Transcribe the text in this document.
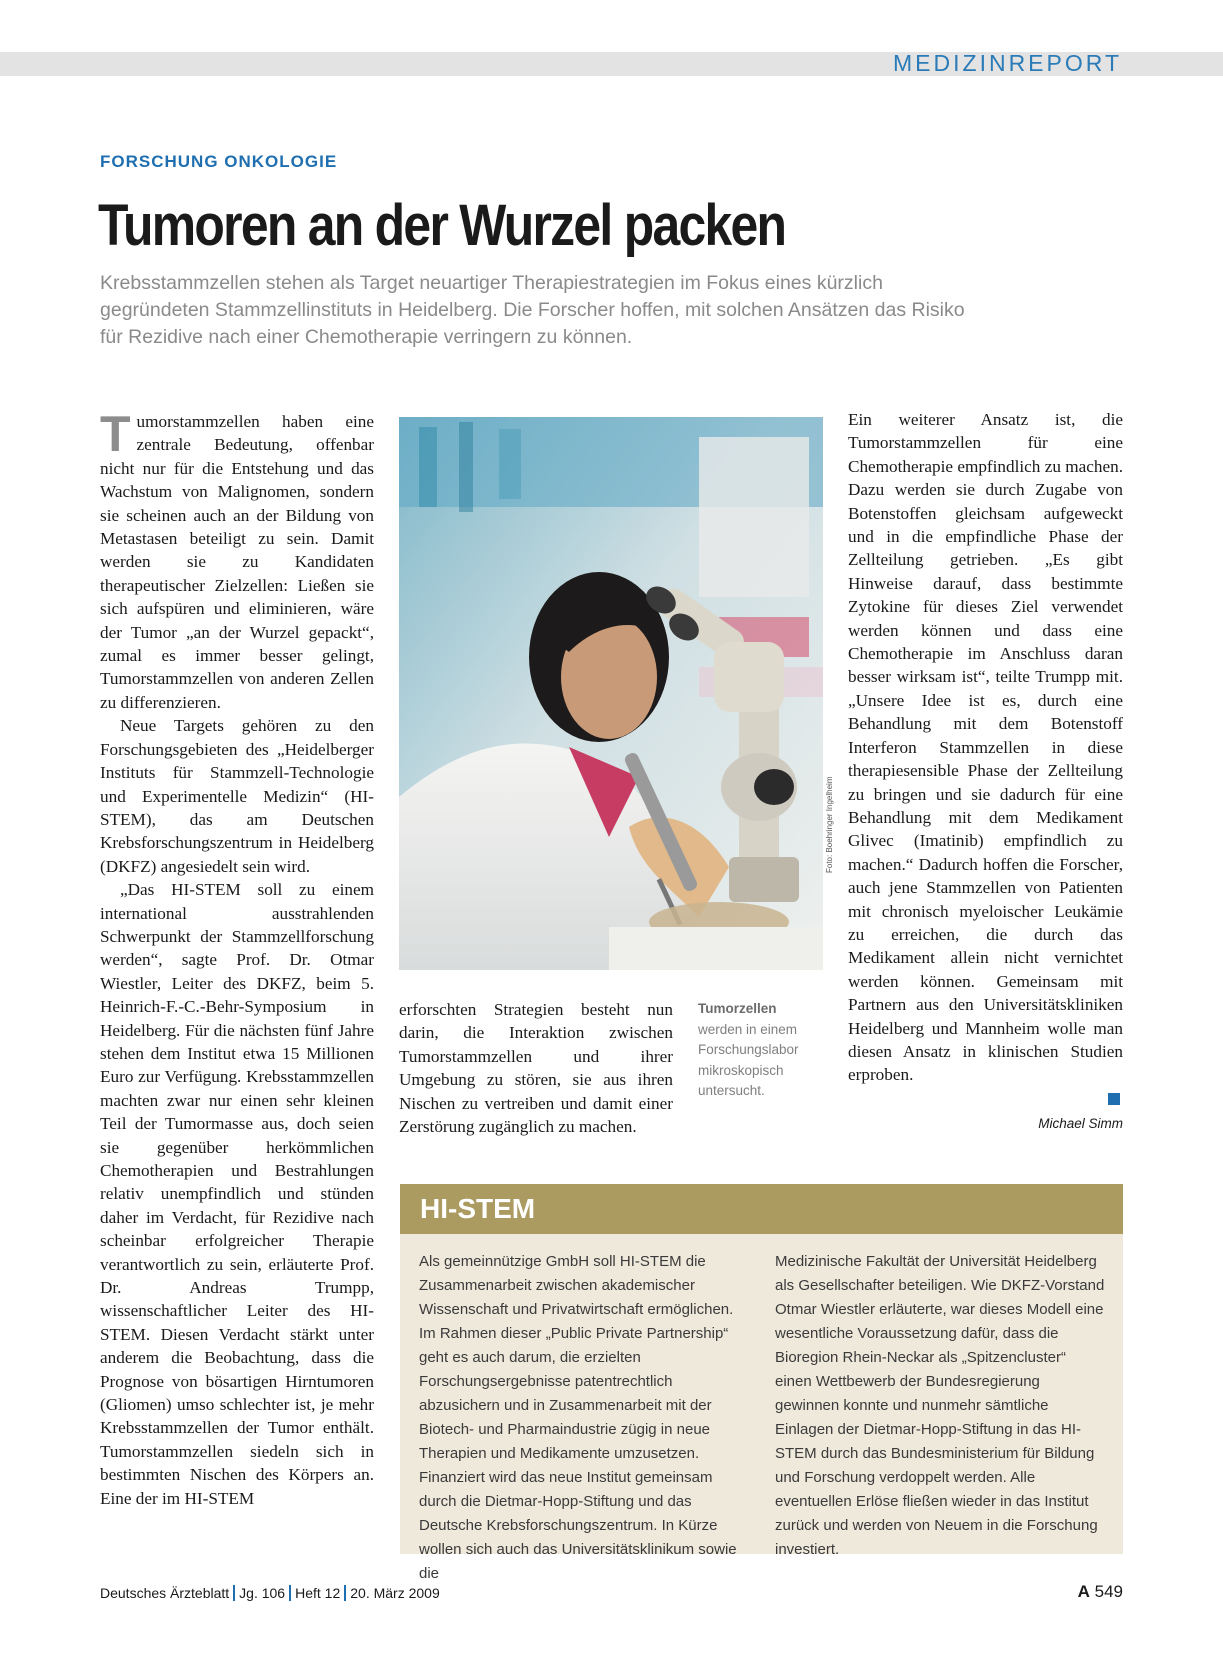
MEDIZINREPORT
FORSCHUNG ONKOLOGIE
Tumoren an der Wurzel packen

Krebsstammzellen stehen als Target neuartiger Therapiestrategien im Fokus eines kürzlich gegründeten Stammzellinstituts in Heidelberg. Die Forscher hoffen, mit solchen Ansätzen das Risiko für Rezidive nach einer Chemotherapie verringern zu können.

Tumorstammzellen haben eine zentrale Bedeutung, offenbar nicht nur für die Entstehung und das Wachstum von Malignomen, sondern sie scheinen auch an der Bildung von Metastasen beteiligt zu sein. Damit werden sie zu Kandidaten therapeutischer Zielzellen: Ließen sie sich aufspüren und eliminieren, wäre der Tumor „an der Wurzel gepackt“, zumal es immer besser gelingt, Tumorstammzellen von anderen Zellen zu differenzieren.

Neue Targets gehören zu den Forschungsgebieten des „Heidelberger Instituts für Stammzell-Technologie und Experimentelle Medizin“ (HI-STEM), das am Deutschen Krebsforschungszentrum in Heidelberg (DKFZ) angesiedelt sein wird.

„Das HI-STEM soll zu einem international ausstrahlenden Schwerpunkt der Stammzellforschung werden“, sagte Prof. Dr. Otmar Wiestler, Leiter des DKFZ, beim 5. Heinrich-F.-C.-Behr-Symposium in Heidelberg. Für die nächsten fünf Jahre stehen dem Institut etwa 15 Millionen Euro zur Verfügung. Krebsstammzellen machten zwar nur einen sehr kleinen Teil der Tumormasse aus, doch seien sie gegenüber herkömmlichen Chemotherapien und Bestrahlungen relativ unempfindlich und stünden daher im Verdacht, für Rezidive nach scheinbar erfolgreicher Therapie verantwortlich zu sein, erläuterte Prof. Dr. Andreas Trumpp, wissenschaftlicher Leiter des HI-STEM. Diesen Verdacht stärkt unter anderem die Beobachtung, dass die Prognose von bösartigen Hirntumoren (Gliomen) umso schlechter ist, je mehr Krebsstammzellen der Tumor enthält. Tumorstammzellen siedeln sich in bestimmten Nischen des Körpers an. Eine der im HI-STEM

Foto: Boehringer Ingelheim

erforschten Strategien besteht nun darin, die Interaktion zwischen Tumorstammzellen und ihrer Umgebung zu stören, sie aus ihren Nischen zu vertreiben und damit einer Zerstörung zugänglich zu machen.

Tumorzellen
werden in einem Forschungslabor mikroskopisch untersucht.

Ein weiterer Ansatz ist, die Tumorstammzellen für eine Chemotherapie empfindlich zu machen. Dazu werden sie durch Zugabe von Botenstoffen gleichsam aufgeweckt und in die empfindliche Phase der Zellteilung getrieben. „Es gibt Hinweise darauf, dass bestimmte Zytokine für dieses Ziel verwendet werden können und dass eine Chemotherapie im Anschluss daran besser wirksam ist“, teilte Trumpp mit. „Unsere Idee ist es, durch eine Behandlung mit dem Botenstoff Interferon Stammzellen in diese therapiesensible Phase der Zellteilung zu bringen und sie dadurch für eine Behandlung mit dem Medikament Glivec (Imatinib) empfindlich zu machen.“ Dadurch hoffen die Forscher, auch jene Stammzellen von Patienten mit chronisch myeloischer Leukämie zu erreichen, die durch das Medikament allein nicht vernichtet werden können. Gemeinsam mit Partnern aus den Universitätskliniken Heidelberg und Mannheim wolle man diesen Ansatz in klinischen Studien erproben.

Michael Simm
HI-STEM
Als gemeinnützige GmbH soll HI-STEM die Zusammenarbeit zwischen akademischer Wissenschaft und Privatwirtschaft ermöglichen. Im Rahmen dieser „Public Private Partnership“ geht es auch darum, die erzielten Forschungsergebnisse patentrechtlich abzusichern und in Zusammenarbeit mit der Biotech- und Pharmaindustrie zügig in neue Therapien und Medikamente umzusetzen. Finanziert wird das neue Institut gemeinsam durch die Dietmar-Hopp-Stiftung und das Deutsche Krebsforschungszentrum. In Kürze wollen sich auch das Universitätsklinikum sowie die
Medizinische Fakultät der Universität Heidelberg als Gesellschafter beteiligen. Wie DKFZ-Vorstand Otmar Wiestler erläuterte, war dieses Modell eine wesentliche Voraussetzung dafür, dass die Bioregion Rhein-Neckar als „Spitzencluster“ einen Wettbewerb der Bundesregierung gewinnen konnte und nunmehr sämtliche Einlagen der Dietmar-Hopp-Stiftung in das HI-STEM durch das Bundesministerium für Bildung und Forschung verdoppelt werden. Alle eventuellen Erlöse fließen wieder in das Institut zurück und werden von Neuem in die Forschung investiert.
Deutsches Ärzteblatt Jg. 106 Heft 12 20. März 2009	A 549
